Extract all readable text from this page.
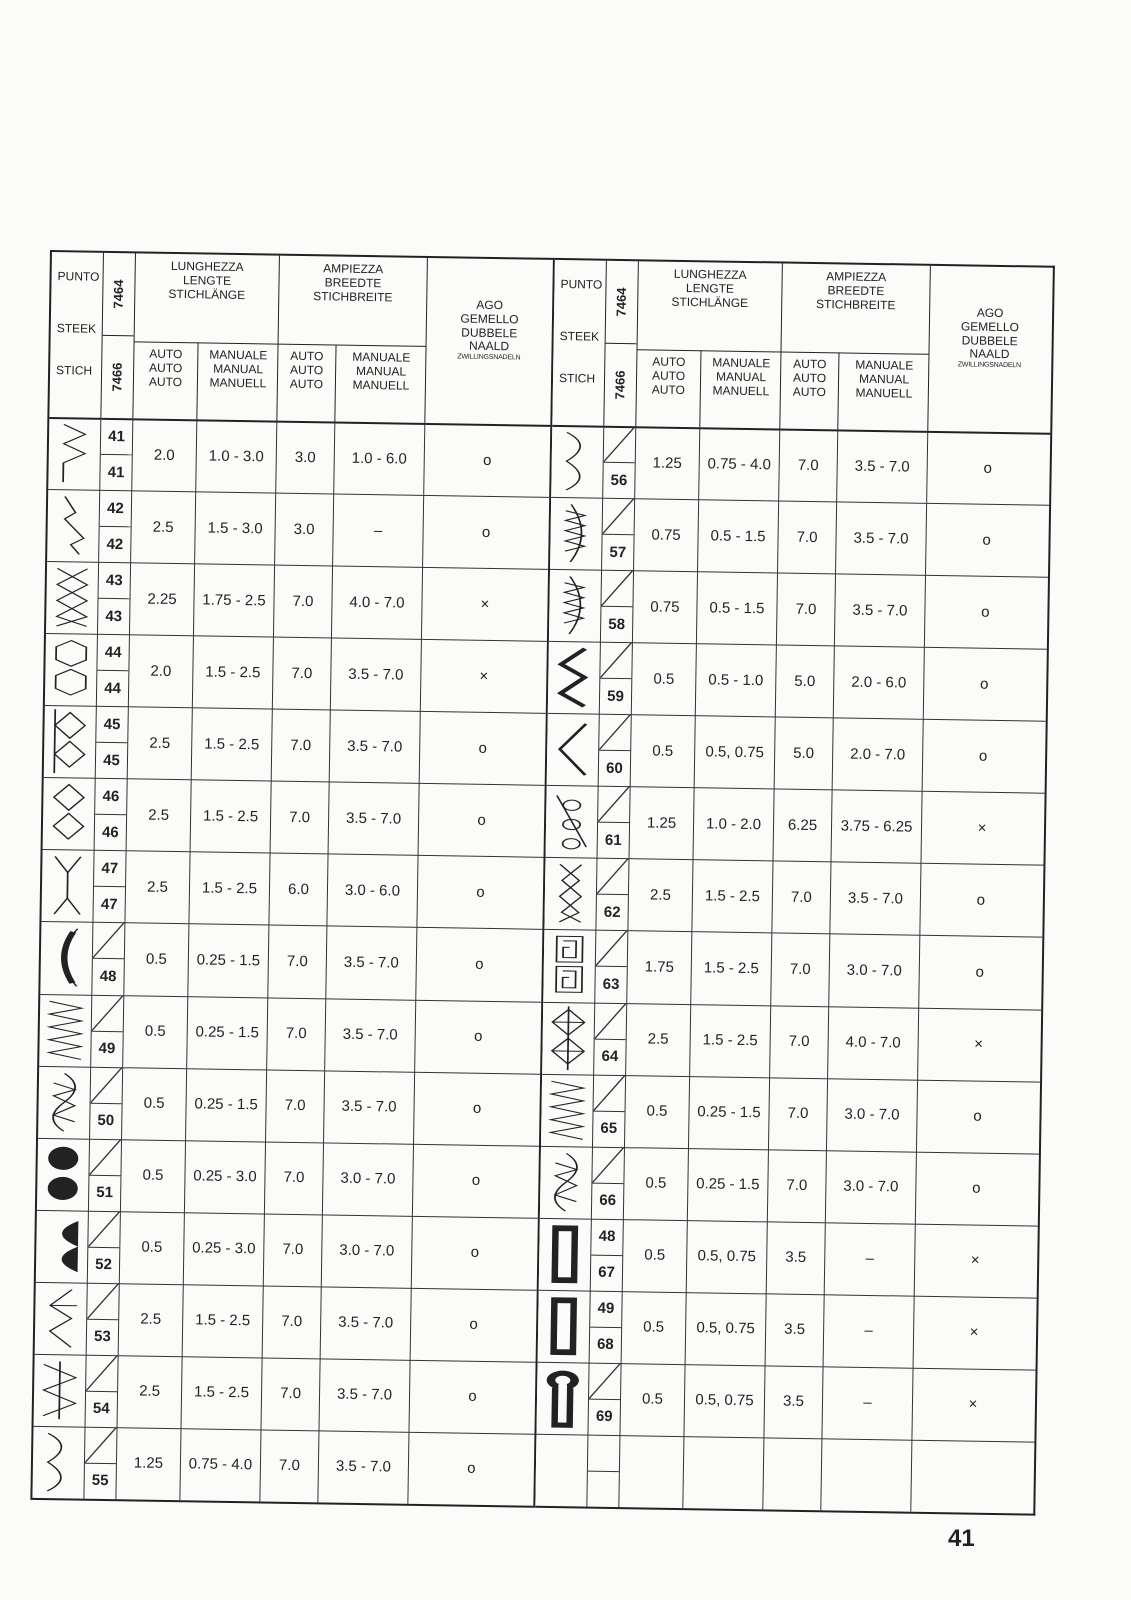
PUNTO
STEEK
STICH
7464
7466
LUNGHEZZA
LENGTE
STICHLÄNGE
AUTO
AUTO
AUTO
MANUALE
MANUAL
MANUELL
AMPIEZZA
BREEDTE
STICHBREITE
AUTO
AUTO
AUTO
MANUALE
MANUAL
MANUELL
AGO
GEMELLO
DUBBELE
NAALD
ZWILLINGSNADELN
41
41
2.0	1.0 - 3.0	3.0	1.0 - 6.0	o
42
42
2.5	1.5 - 3.0	3.0	–	o
43
43
2.25	1.75 - 2.5	7.0	4.0 - 7.0	×
44
44
2.0	1.5 - 2.5	7.0	3.5 - 7.0	×
45
45
2.5	1.5 - 2.5	7.0	3.5 - 7.0	o
46
46
2.5	1.5 - 2.5	7.0	3.5 - 7.0	o
47
47
2.5	1.5 - 2.5	6.0	3.0 - 6.0	o
48
0.5	0.25 - 1.5	7.0	3.5 - 7.0	o
49
0.5	0.25 - 1.5	7.0	3.5 - 7.0	o
50
0.5	0.25 - 1.5	7.0	3.5 - 7.0	o
51
0.5	0.25 - 3.0	7.0	3.0 - 7.0	o
52
0.5	0.25 - 3.0	7.0	3.0 - 7.0	o
53
2.5	1.5 - 2.5	7.0	3.5 - 7.0	o
54
2.5	1.5 - 2.5	7.0	3.5 - 7.0	o
55
1.25	0.75 - 4.0	7.0	3.5 - 7.0	o
PUNTO
STEEK
STICH
7464
7466
LUNGHEZZA
LENGTE
STICHLÄNGE
AUTO
AUTO
AUTO
MANUALE
MANUAL
MANUELL
AMPIEZZA
BREEDTE
STICHBREITE
AUTO
AUTO
AUTO
MANUALE
MANUAL
MANUELL
AGO
GEMELLO
DUBBELE
NAALD
ZWILLINGSNADELN
56
1.25	0.75 - 4.0	7.0	3.5 - 7.0	o
57
0.75	0.5 - 1.5	7.0	3.5 - 7.0	o
58
0.75	0.5 - 1.5	7.0	3.5 - 7.0	o
59
0.5	0.5 - 1.0	5.0	2.0 - 6.0	o
60
0.5	0.5, 0.75	5.0	2.0 - 7.0	o
61
1.25	1.0 - 2.0	6.25	3.75 - 6.25	×
62
2.5	1.5 - 2.5	7.0	3.5 - 7.0	o
63
1.75	1.5 - 2.5	7.0	3.0 - 7.0	o
64
2.5	1.5 - 2.5	7.0	4.0 - 7.0	×
65
0.5	0.25 - 1.5	7.0	3.0 - 7.0	o
66
0.5	0.25 - 1.5	7.0	3.0 - 7.0	o
48
67
0.5	0.5, 0.75	3.5	–	×
49
68
0.5	0.5, 0.75	3.5	–	×
69
0.5	0.5, 0.75	3.5	–	×
41
